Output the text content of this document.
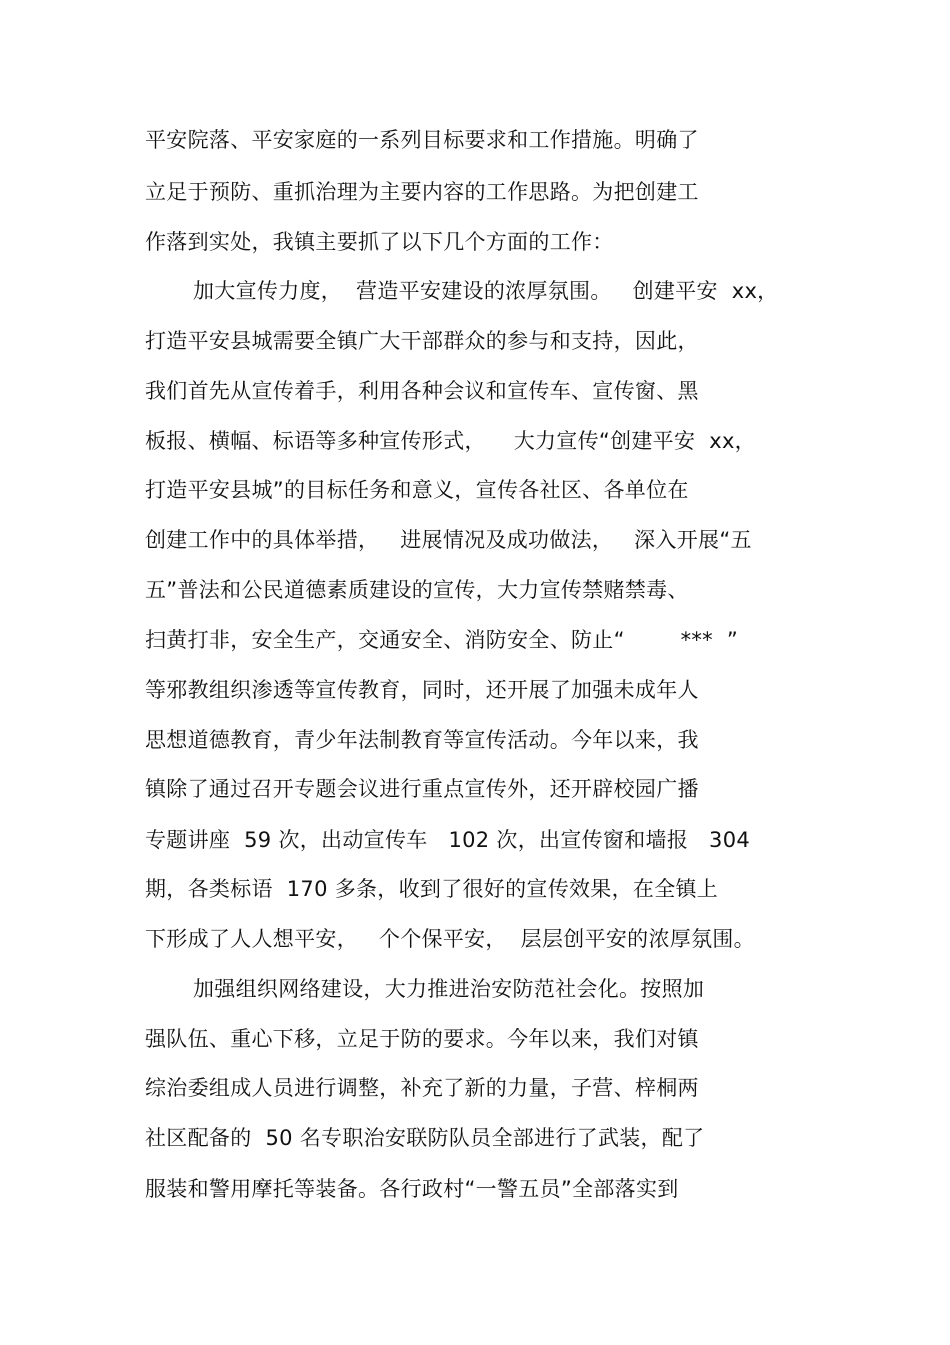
平安院落、平安家庭的一系列目标要求和工作措施。明确了
立足于预防、重抓治理为主要内容的工作思路。为把创建工
作落到实处，我镇主要抓了以下几个方面的工作：
加大宣传力度，  营造平安建设的浓厚氛围。   创建平安  xx，
打造平安县城需要全镇广大干部群众的参与和支持，因此，
我们首先从宣传着手，利用各种会议和宣传车、宣传窗、黑
板报、横幅、标语等多种宣传形式，    大力宣传“创建平安  xx，
打造平安县城”的目标任务和意义，宣传各社区、各单位在
创建工作中的具体举措，   进展情况及成功做法，   深入开展“五
五”普法和公民道德素质建设的宣传，大力宣传禁赌禁毒、
扫黄打非，安全生产，交通安全、消防安全、防止“        ***  ”
等邪教组织渗透等宣传教育，同时，还开展了加强未成年人
思想道德教育，青少年法制教育等宣传活动。今年以来，我
镇除了通过召开专题会议进行重点宣传外，还开辟校园广播
专题讲座  59 次，出动宣传车   102 次，出宣传窗和墙报   304
期，各类标语  170 多条，收到了很好的宣传效果，在全镇上
下形成了人人想平安，   个个保平安，  层层创平安的浓厚氛围。
加强组织网络建设，大力推进治安防范社会化。按照加
强队伍、重心下移，立足于防的要求。今年以来，我们对镇
综治委组成人员进行调整，补充了新的力量，子营、梓桐两
社区配备的  50 名专职治安联防队员全部进行了武装，配了
服装和警用摩托等装备。各行政村“一警五员”全部落实到
